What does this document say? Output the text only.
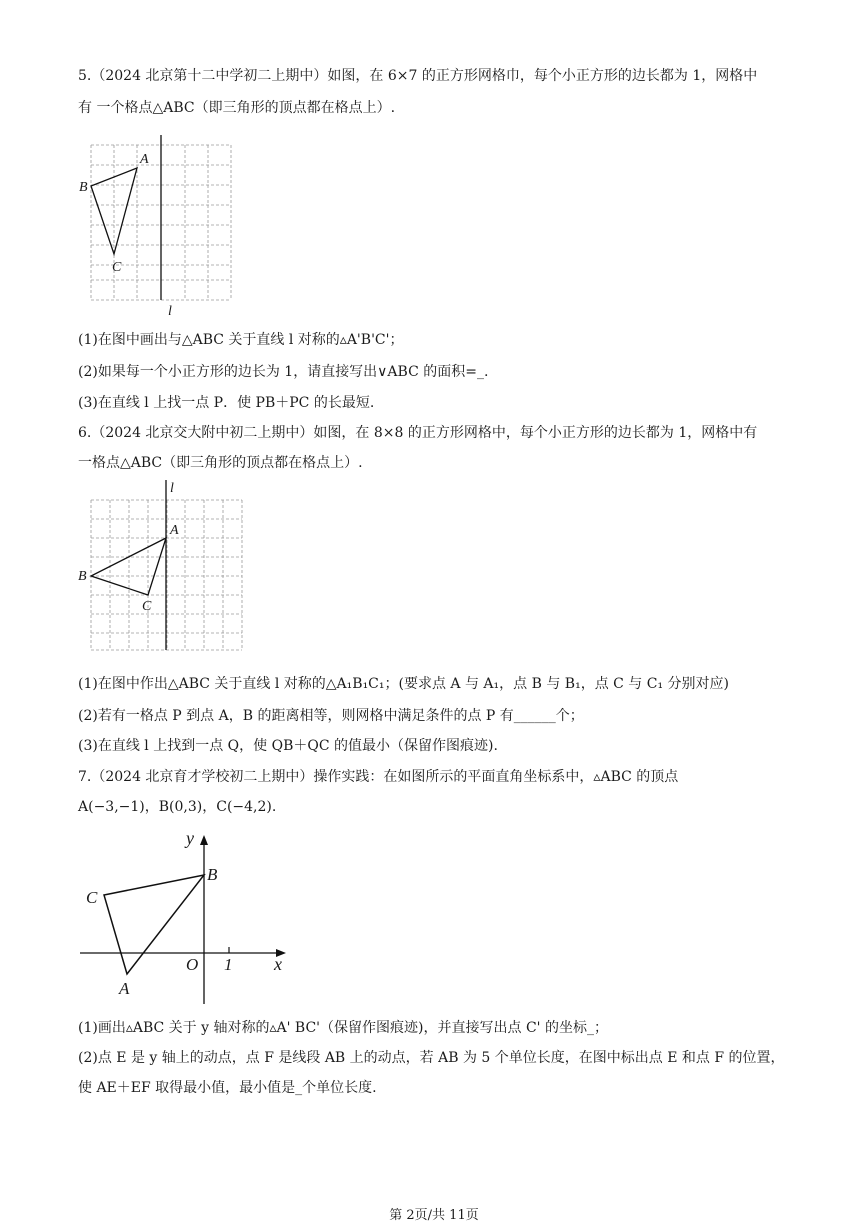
5.（2024 北京第十二中学初二上期中）如图，在 6×7 的正方形网格巾，每个小正方形的边长都为 1，网格中
有 一个格点△ABC（即三角形的顶点都在格点上）.
A
B
C
l
(1)在图中画出与△ABC 关于直线 l 对称的▵A'B'C'；
(2)如果每一个小正方形的边长为 1，请直接写出∨ABC 的面积=_.
(3)在直线 l 上找一点 P．使 PB＋PC 的长最短.
6.（2024 北京交大附中初二上期中）如图，在 8×8 的正方形网格中，每个小正方形的边长都为 1，网格中有
一格点△ABC（即三角形的顶点都在格点上）.
A
B
C
l
(1)在图中作出△ABC 关于直线 l 对称的△A₁B₁C₁；(要求点 A 与 A₁，点 B 与 B₁，点 C 与 C₁ 分别对应)
(2)若有一格点 P 到点 A，B 的距离相等，则网格中满足条件的点 P 有______个；
(3)在直线 l 上找到一点 Q，使 QB＋QC 的值最小（保留作图痕迹).
7.（2024 北京育才学校初二上期中）操作实践：在如图所示的平面直角坐标系中，▵ABC 的顶点
A(−3,−1)，B(0,3)，C(−4,2).
y
x
O 1
B
C
A
(1)画出▵ABC 关于 y 轴对称的▵A' BC'（保留作图痕迹)，并直接写出点 C' 的坐标_；
(2)点 E 是 y 轴上的动点，点 F 是线段 AB 上的动点，若 AB 为 5 个单位长度，在图中标出点 E 和点 F 的位置，
使 AE＋EF 取得最小值，最小值是_个单位长度.
第 2页/共 11页
